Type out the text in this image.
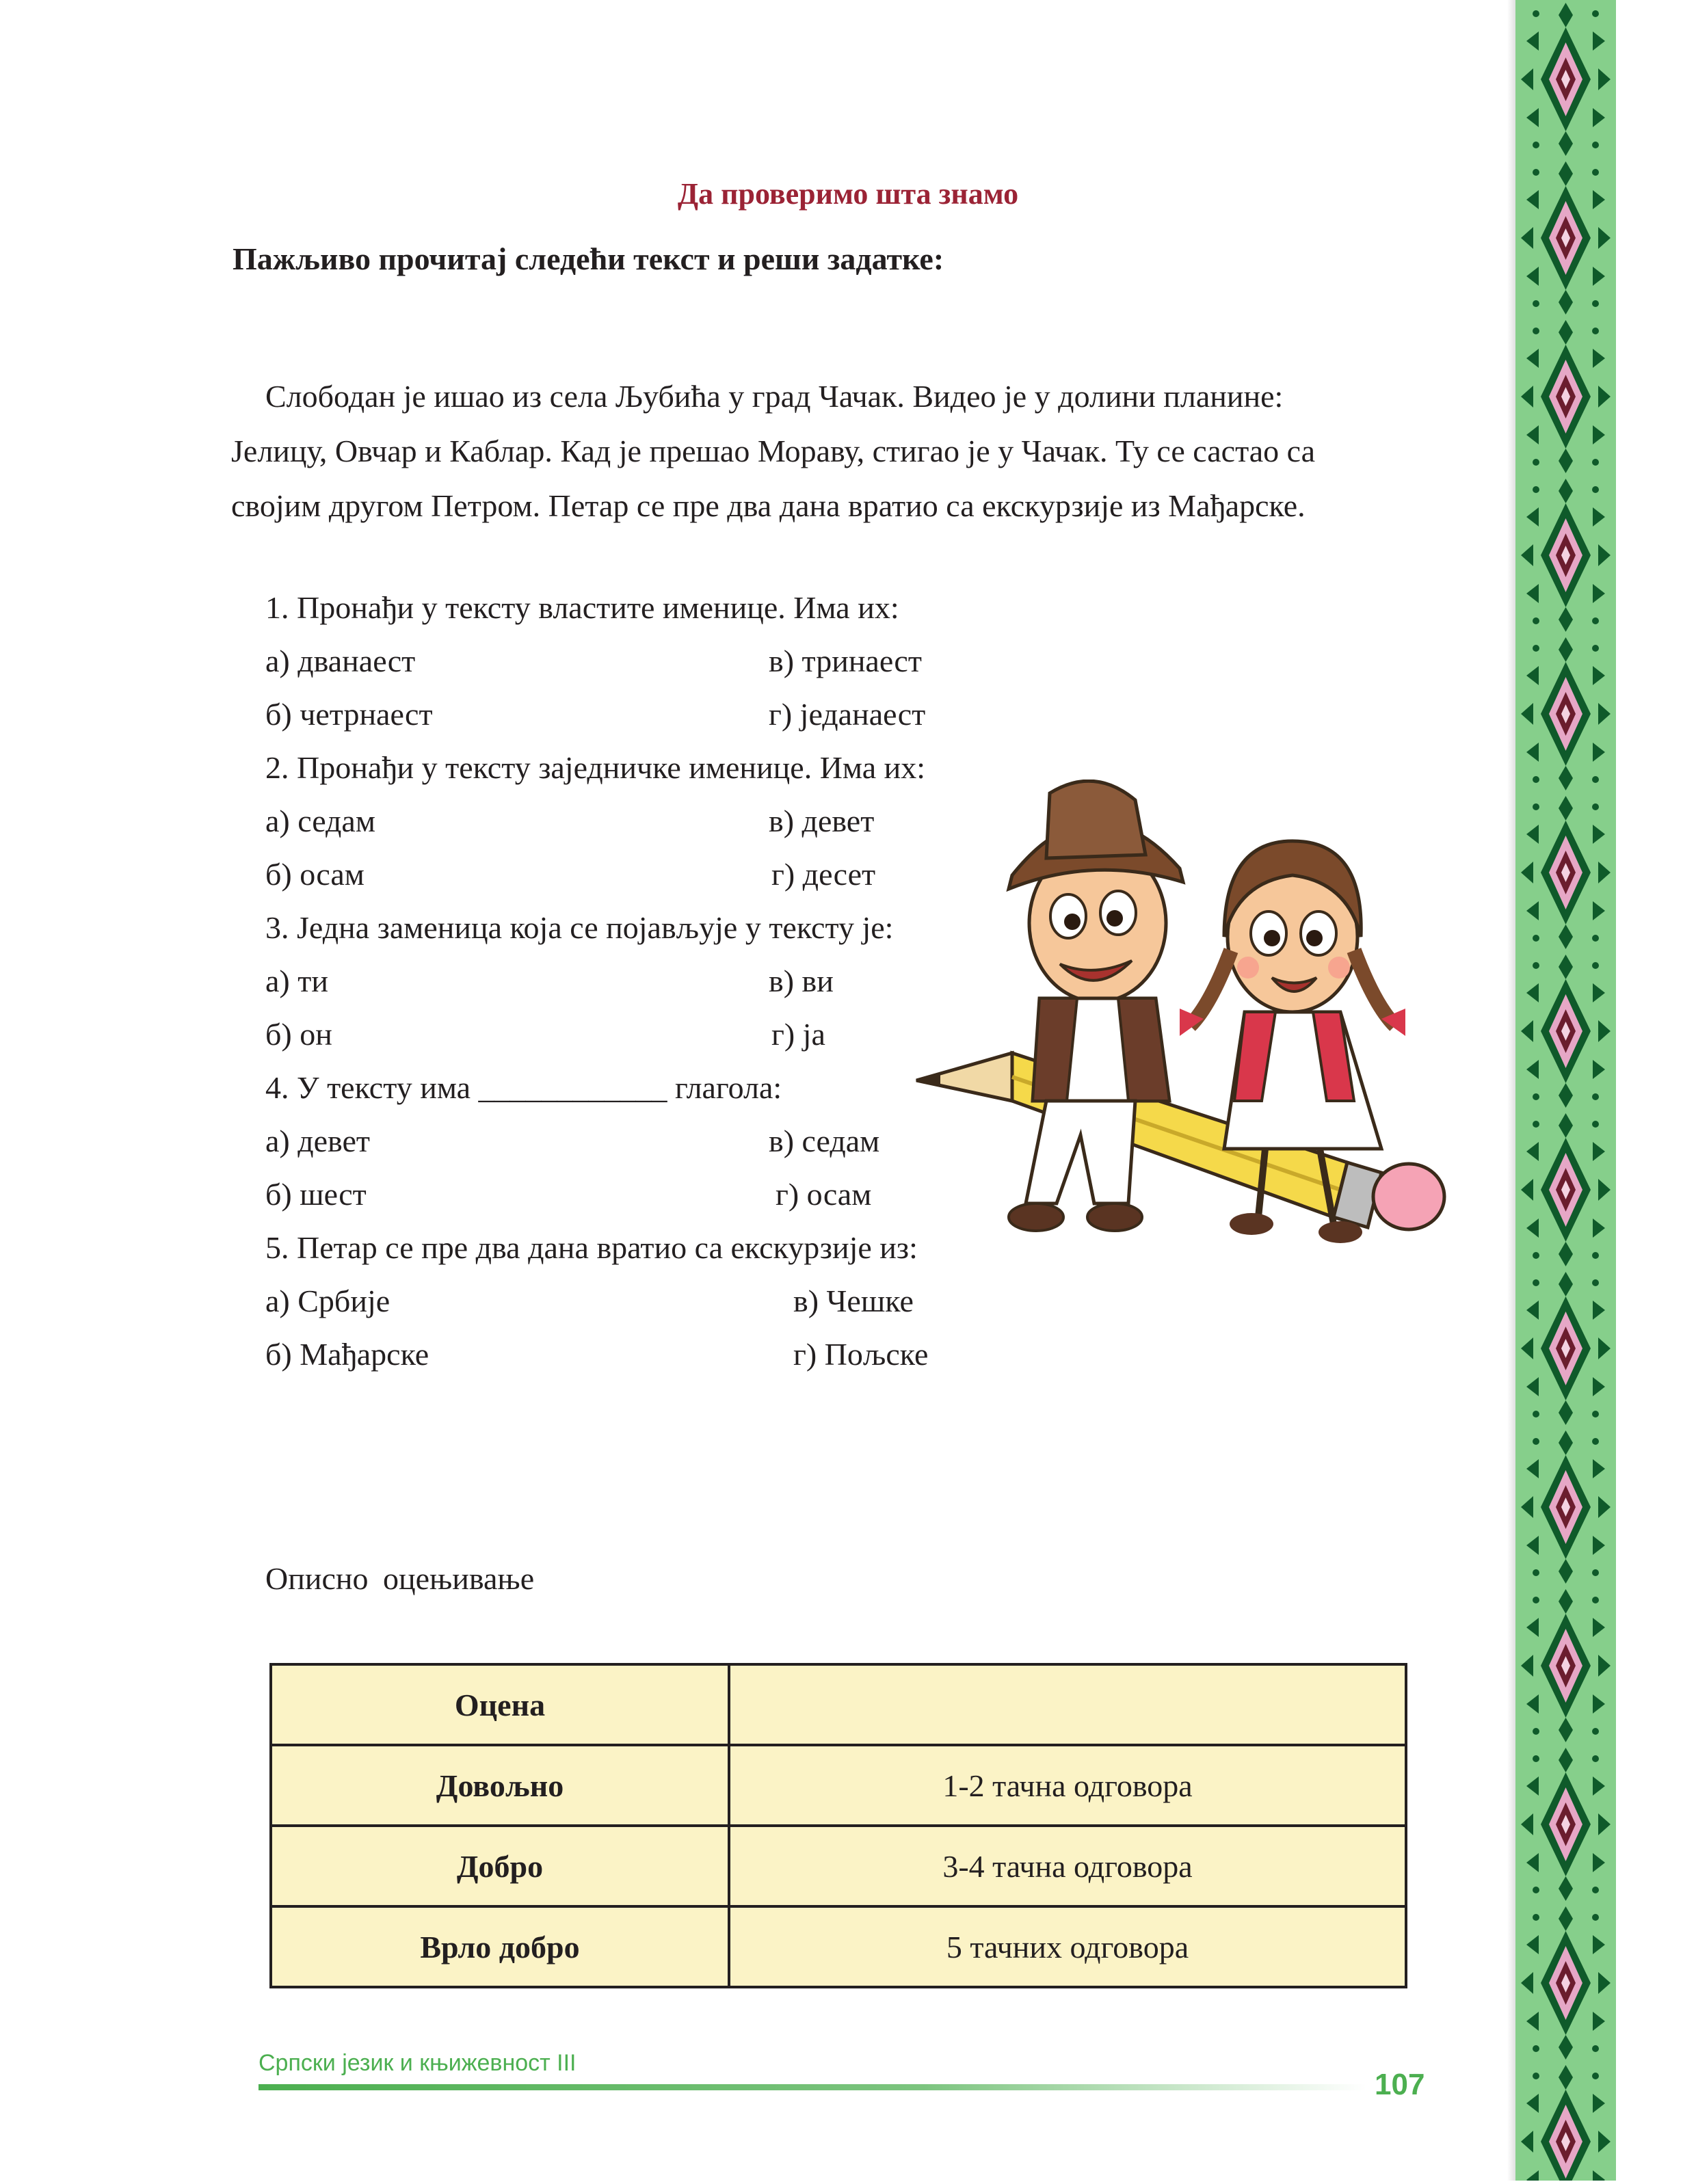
Да проверимо шта знамо
Пажљиво прочитај следећи текст и реши задатке:
Слободан је ишао из села Љубића у град Чачак. Видео је у долини планине:
Јелицу, Овчар и Каблар. Кад је прешао Мораву, стигао је у Чачак. Ту се састао са
својим другом Петром. Петар се пре два дана вратио са екскурзије из Мађарске.
1. Пронађи у тексту властите именице. Има их:
а) дванаест	в) тринаест
б) четрнаест	г) једанаест
2. Пронађи у тексту заједничке именице. Има их:
а) седам	в) девет
б) осам	г) десет
3. Једна заменица која се појављује у тексту је:
а) ти	в) ви
б) он	г) ја
4. У тексту има ____________ глагола:
а) девет	в) седам
б) шест	г) осам
5. Петар се пре два дана вратио са екскурзије из:
а) Србије	в) Чешке
б) Мађарске	г) Пољске
Описно оцењивање
Оцена	
Довољно	1-2 тачна одговора
Добро	3-4 тачна одговора
Врло добро	5 тачних одговора
Српски језик и књижевност III
107
